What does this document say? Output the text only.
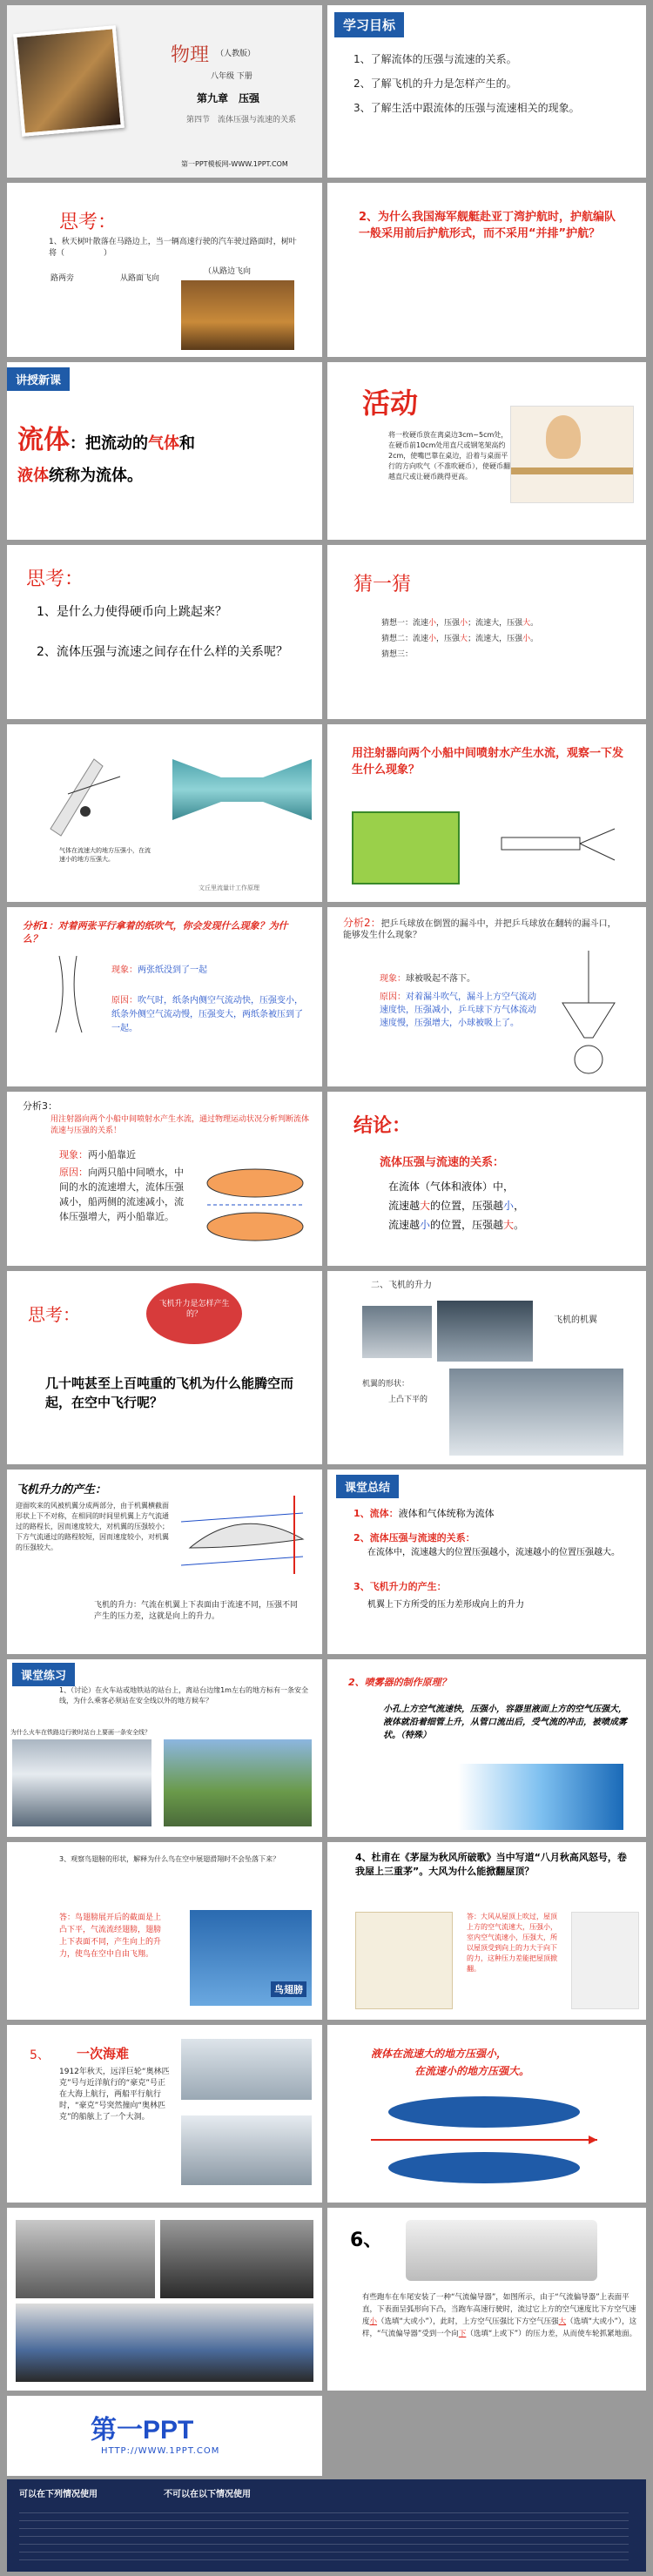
物理 （人教版）
八年级 下册
第九章　压强
第四节　流体压强与流速的关系
第一PPT模板网-WWW.1PPT.COM
学习目标
1、了解流体的压强与流速的关系。
2、了解飞机的升力是怎样产生的。
3、了解生活中跟流体的压强与流速相关的现象。
思考：
1、秋天树叶散落在马路边上，当一辆高速行驶的汽车驶过路面时，树叶将（　　　　　）
路两旁	从路面飞向
（从路边飞向
2、为什么我国海军舰艇赴亚丁湾护航时，护航编队一般采用前后护航形式，而不采用“并排”护航？
讲授新课
流体：把流动的气体和
液体统称为流体。
活动
将一枚硬币放在离桌边3cm~5cm处，在硬币前10cm处用直尺或钢笔架高约2cm，使嘴巴靠在桌边，沿着与桌面平行的方向吹气（不准吹硬币），使硬币翻越直尺或让硬币跳得更高。
思考：
1、是什么力使得硬币向上跳起来？
2、流体压强与流速之间存在什么样的关系呢？
猜一猜
猜想一：流速小，压强小；流速大，压强大。
猜想二：流速小，压强大；流速大，压强小。
猜想三：
气体在流速大的地方压强小，在流速小的地方压强大。
文丘里流量计工作原理
用注射器向两个小船中间喷射水产生水流，观察一下发生什么现象？
分析1：对着两张平行拿着的纸吹气，你会发现什么现象？为什么？
现象：两张纸没到了一起
原因：吹气时，纸条内侧空气流动快，压强变小，纸条外侧空气流动慢，压强变大，两纸条被压到了一起。
分析2：把乒乓球放在倒置的漏斗中，并把乒乓球放在翻转的漏斗口，能够发生什么现象？
现象：球被吸起不落下。
原因：对着漏斗吹气，漏斗上方空气流动速度快，压强减小，乒乓球下方气体流动速度慢，压强增大，小球被吸上了。
分析3：
用注射器向两个小船中间喷射水产生水流，通过物理运动状况分析判断流体流速与压强的关系！
现象：两小船靠近
原因：向两只船中间喷水，中间的水的流速增大，流体压强减小，船两侧的流速减小，流体压强增大，两小船靠近。
结论：
流体压强与流速的关系：
在流体（气体和液体）中，
流速越大的位置，压强越小，
流速越小的位置，压强越大。
思考：	飞机升力是怎样产生的？
几十吨甚至上百吨重的飞机为什么能腾空而起，在空中飞行呢？
二、飞机的升力
飞机的机翼
机翼的形状：
上凸下平的
飞机升力的产生：
迎面吹来的风被机翼分成两部分，由于机翼横截面形状上下不对称，在相同的时间里机翼上方气流通过的路程长，因而速度较大，对机翼的压强较小；下方气流通过的路程较短，因而速度较小，对机翼的压强较大。
飞机的升力：气流在机翼上下表面由于流速不同，压强不同产生的压力差，这就是向上的升力。
课堂总结
1、流体：液体和气体统称为流体
2、流体压强与流速的关系：
在流体中，流速越大的位置压强越小，流速越小的位置压强越大。
3、飞机升力的产生：
机翼上下方所受的压力差形成向上的升力
课堂练习
1、（讨论）在火车站或地铁站的站台上，离站台边缘1m左右的地方标有一条安全线，为什么乘客必须站在安全线以外的地方候车？
为什么火车在铁路边行驶时站台上要画一条安全线？
2、喷雾器的制作原理？
小孔上方空气流速快，压强小，容器里液面上方的空气压强大，液体就沿着细管上升，从管口流出后，受气流的冲击，被喷成雾状。（特殊）
3、观察鸟翅膀的形状，解释为什么鸟在空中展翅滑翔时不会坠落下来？
答：鸟翅膀展开后的截面是上凸下平，气流流经翅膀，翅膀上下表面不同，产生向上的升力，使鸟在空中自由飞翔。
鸟翅膀
4、杜甫在《茅屋为秋风所破歌》当中写道“八月秋高风怒号，卷我屋上三重茅”。大风为什么能掀翻屋顶？
答：大风从屋顶上吹过，屋顶上方的空气流速大，压强小，室内空气流速小，压强大，所以屋顶受到向上的力大于向下的力，这种压力差能把屋顶掀翻。
5、 一次海难
1912年秋天，远洋巨轮“奥林匹克”号与近洋航行的“豪克”号正在大海上航行，两船平行航行时，“豪克”号突然撞向“奥林匹克”的船舷上了一个大洞。
液体在流速大的地方压强小，
在流速小的地方压强大。
6、
有些跑车在车尾安装了一种“气流偏导器”，如图所示，由于“气流偏导器”上表面平直，下表面呈弧形向下凸，当跑车高速行驶时，流过它上方的空气速度比下方空气速度小（选填“大或小”），此时，上方空气压强比下方空气压强大（选填“大或小”），这样，“气流偏导器”受到一个向下（选填“上或下”）的压力差，从而使车轮抓紧地面。
第一PPT
HTTP://WWW.1PPT.COM
可以在下列情况使用	不可以在以下情况使用
